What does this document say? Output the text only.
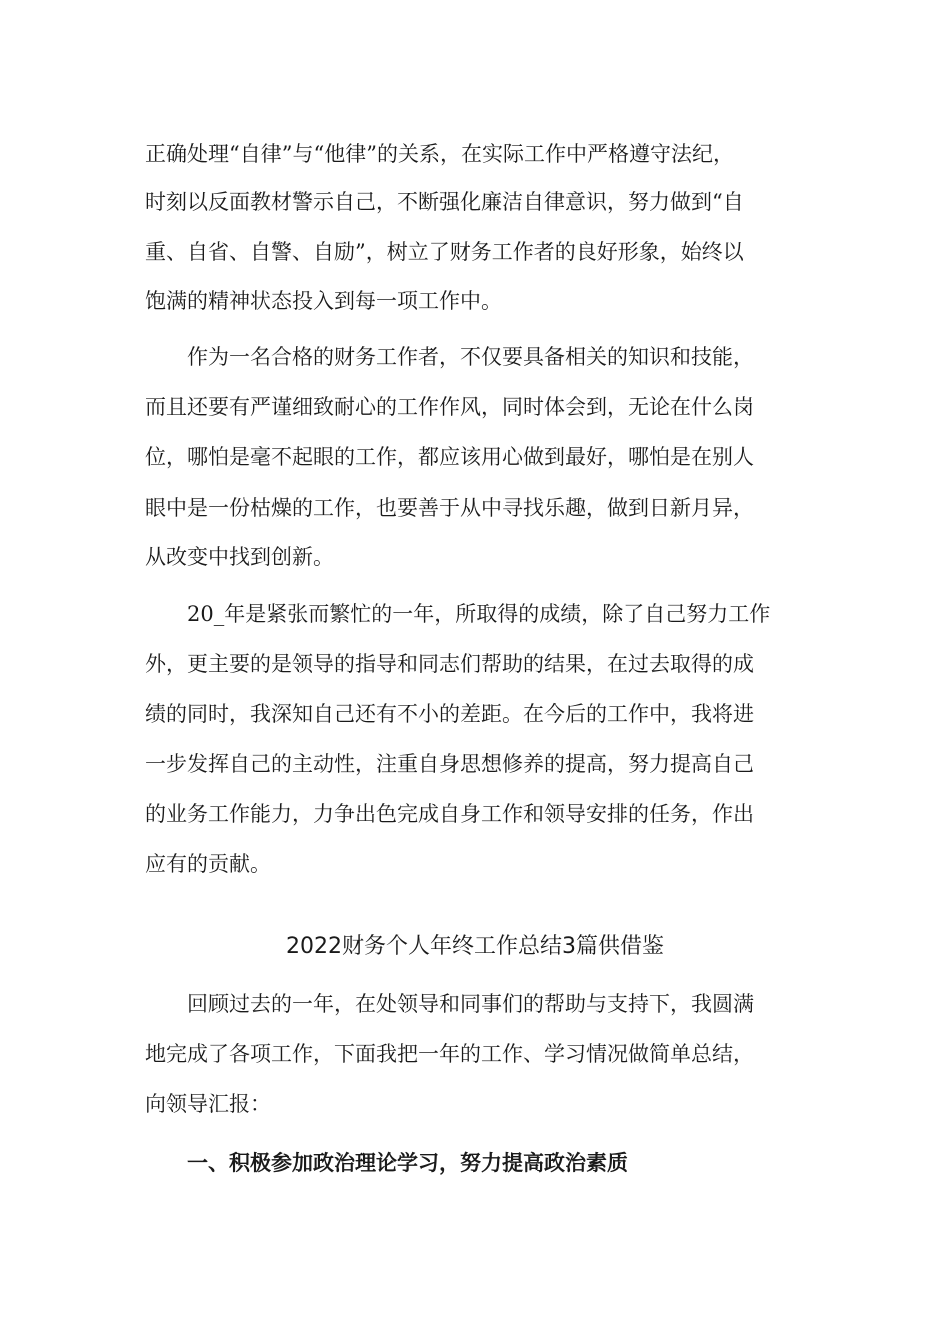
正确处理“自律”与“他律”的关系，在实际工作中严格遵守法纪，
时刻以反面教材警示自己，不断强化廉洁自律意识，努力做到“自
重、自省、自警、自励”，树立了财务工作者的良好形象，始终以
饱满的精神状态投入到每一项工作中。
作为一名合格的财务工作者，不仅要具备相关的知识和技能，
而且还要有严谨细致耐心的工作作风，同时体会到，无论在什么岗
位，哪怕是毫不起眼的工作，都应该用心做到最好，哪怕是在别人
眼中是一份枯燥的工作，也要善于从中寻找乐趣，做到日新月异，
从改变中找到创新。
20_年是紧张而繁忙的一年，所取得的成绩，除了自己努力工作
外，更主要的是领导的指导和同志们帮助的结果，在过去取得的成
绩的同时，我深知自己还有不小的差距。在今后的工作中，我将进
一步发挥自己的主动性，注重自身思想修养的提高，努力提高自己
的业务工作能力，力争出色完成自身工作和领导安排的任务，作出
应有的贡献。
2022财务个人年终工作总结3篇供借鉴
回顾过去的一年，在处领导和同事们的帮助与支持下，我圆满
地完成了各项工作，下面我把一年的工作、学习情况做简单总结，
向领导汇报：
一、积极参加政治理论学习，努力提高政治素质
